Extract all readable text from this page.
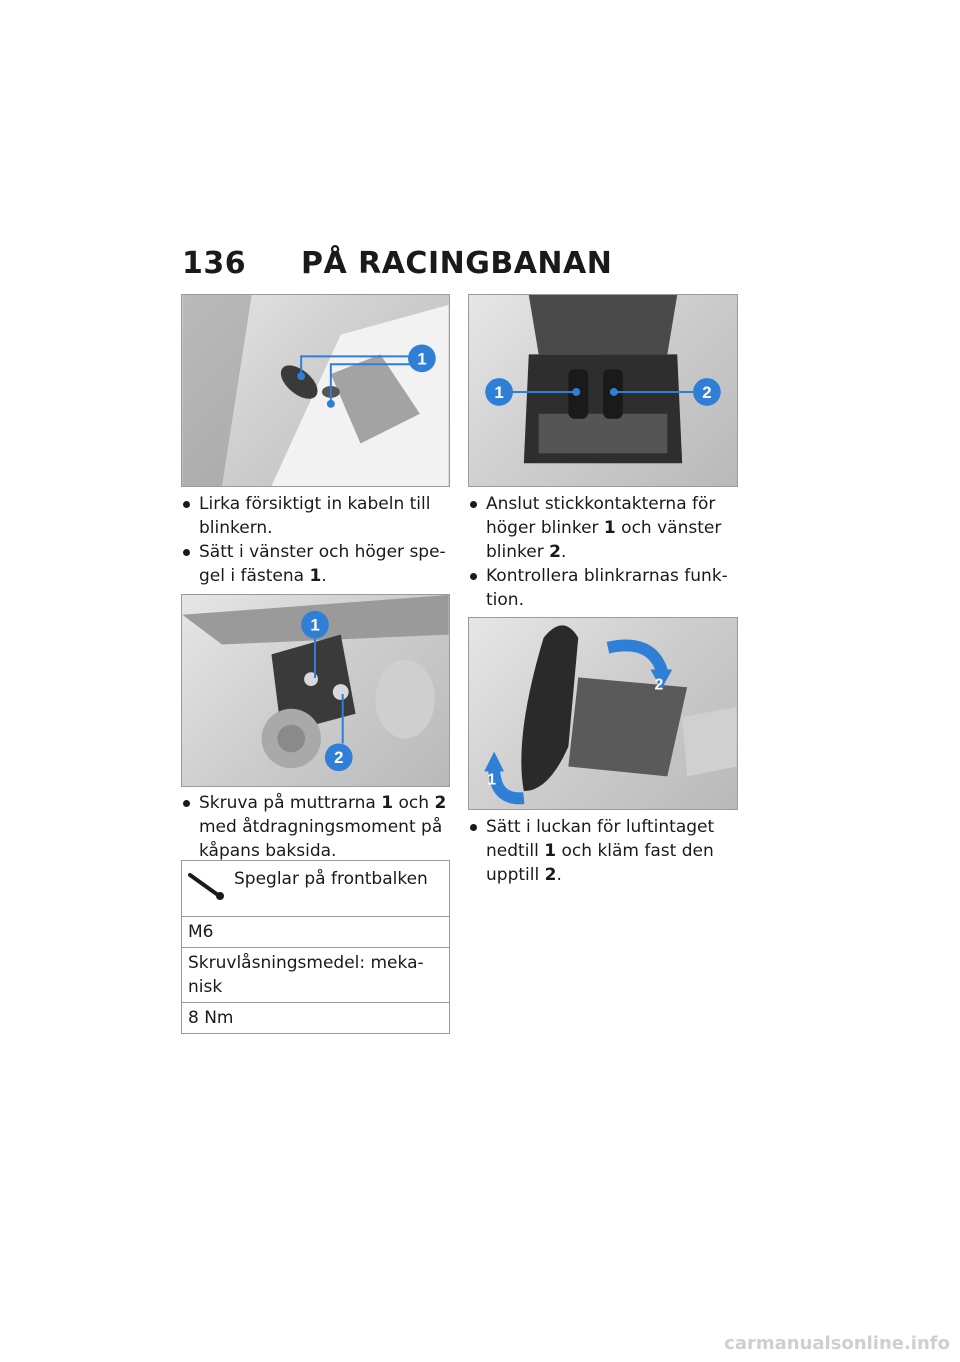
136 PÅ RACINGBANAN
1
Lirka försiktigt in kabeln till blinkern.
Sätt i vänster och höger spe-gel i fästena 1.
1
2
Skruva på muttrarna 1 och 2 med åtdragningsmoment på kåpans baksida.
Speglar på frontbalken
M6
Skruvlåsningsmedel: meka-nisk
8 Nm
1	2
Anslut stickkontakterna för höger blinker 1 och vänster blinker 2.
Kontrollera blinkrarnas funk-tion.
2
1
Sätt i luckan för luftintaget nedtill 1 och kläm fast den upptill 2.
carmanualsonline.info
